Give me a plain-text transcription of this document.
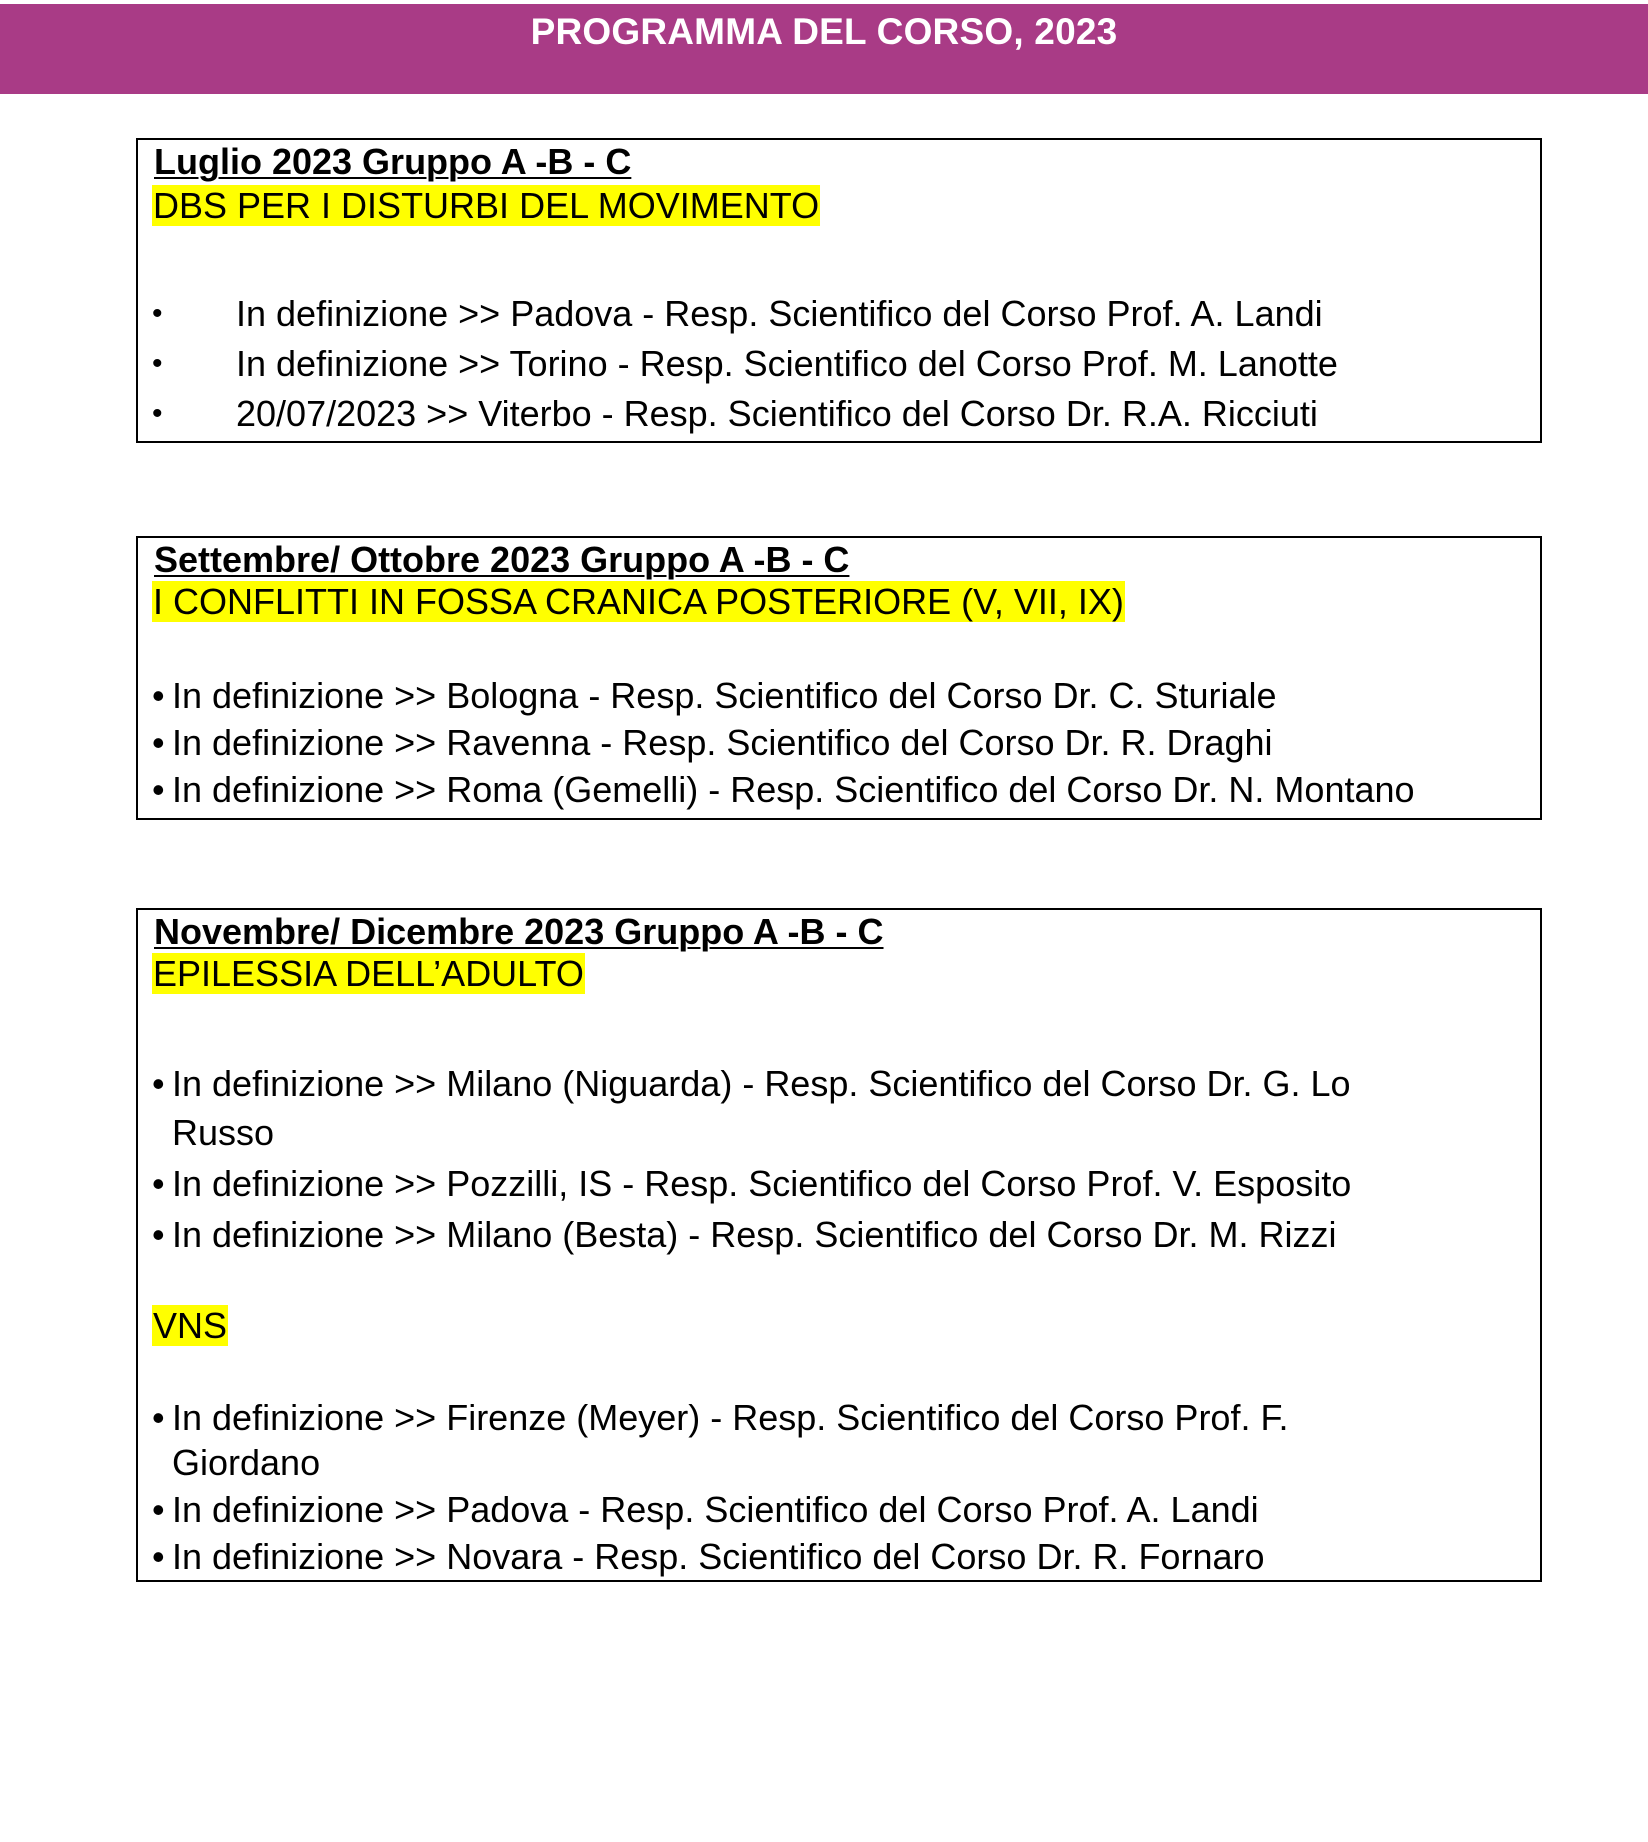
PROGRAMMA DEL CORSO, 2023
Luglio 2023 Gruppo A -B - C
DBS PER I DISTURBI DEL MOVIMENTO
• In definizione >> Padova - Resp. Scientifico del Corso Prof. A. Landi
• In definizione >> Torino - Resp. Scientifico del Corso Prof. M. Lanotte
• 20/07/2023 >> Viterbo - Resp. Scientifico del Corso Dr. R.A. Ricciuti
Settembre/ Ottobre 2023 Gruppo A -B - C
I CONFLITTI IN FOSSA CRANICA POSTERIORE (V, VII, IX)
• In definizione >> Bologna - Resp. Scientifico del Corso Dr. C. Sturiale
• In definizione >> Ravenna - Resp. Scientifico del Corso Dr. R. Draghi
• In definizione >> Roma (Gemelli) - Resp. Scientifico del Corso Dr. N. Montano
Novembre/ Dicembre 2023 Gruppo A -B - C
EPILESSIA DELL’ADULTO
• In definizione >> Milano (Niguarda) - Resp. Scientifico del Corso Dr. G. Lo
Russo
• In definizione >> Pozzilli, IS - Resp. Scientifico del Corso Prof. V. Esposito
• In definizione >> Milano (Besta) - Resp. Scientifico del Corso Dr. M. Rizzi
VNS
• In definizione >> Firenze (Meyer) - Resp. Scientifico del Corso Prof. F.
Giordano
• In definizione >> Padova - Resp. Scientifico del Corso Prof. A. Landi
• In definizione >> Novara - Resp. Scientifico del Corso Dr. R. Fornaro
